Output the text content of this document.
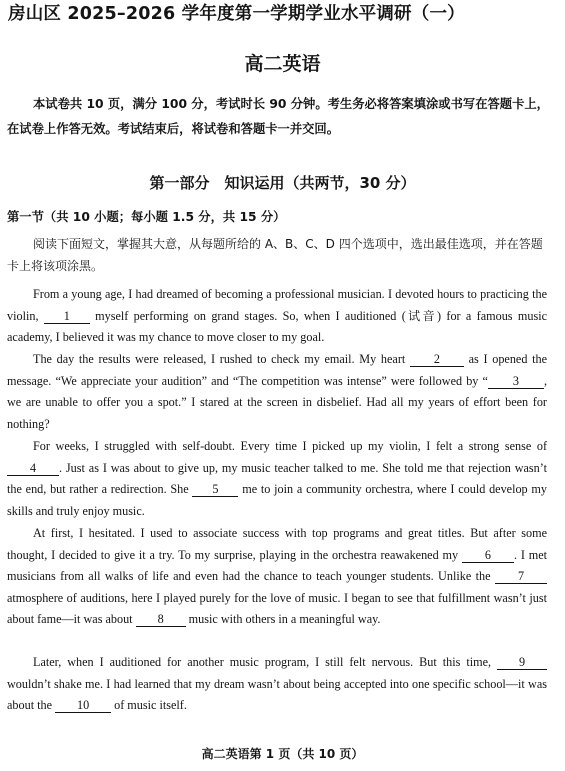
房山区 2025–2026 学年度第一学期学业水平调研（一）
高二英语
本试卷共 10 页，满分 100 分，考试时长 90 分钟。考生务必将答案填涂或书写在答题卡上，在试卷上作答无效。考试结束后，将试卷和答题卡一并交回。
第一部分　知识运用（共两节，30 分）
第一节（共 10 小题；每小题 1.5 分，共 15 分）
阅读下面短文，掌握其大意，从每题所给的 A、B、C、D 四个选项中，选出最佳选项，并在答题卡上将该项涂黑。
From a young age, I had dreamed of becoming a professional musician. I devoted hours to practicing the violin, 1 myself performing on grand stages. So, when I auditioned (试音) for a famous music academy, I believed it was my chance to move closer to my goal.
The day the results were released, I rushed to check my email. My heart 2 as I opened the message. “We appreciate your audition” and “The competition was intense” were followed by “ 3 , we are unable to offer you a spot.” I stared at the screen in disbelief. Had all my years of effort been for nothing?
For weeks, I struggled with self-doubt. Every time I picked up my violin, I felt a strong sense of 4 . Just as I was about to give up, my music teacher talked to me. She told me that rejection wasn’t the end, but rather a redirection. She 5 me to join a community orchestra, where I could develop my skills and truly enjoy music.
At first, I hesitated. I used to associate success with top programs and great titles. But after some thought, I decided to give it a try. To my surprise, playing in the orchestra reawakened my 6 . I met musicians from all walks of life and even had the chance to teach younger students. Unlike the 7 atmosphere of auditions, here I played purely for the love of music. I began to see that fulfillment wasn’t just about fame—it was about 8 music with others in a meaningful way.
Later, when I auditioned for another music program, I still felt nervous. But this time, 9 wouldn’t shake me. I had learned that my dream wasn’t about being accepted into one specific school—it was about the 10 of music itself.
高二英语第 1 页（共 10 页）
